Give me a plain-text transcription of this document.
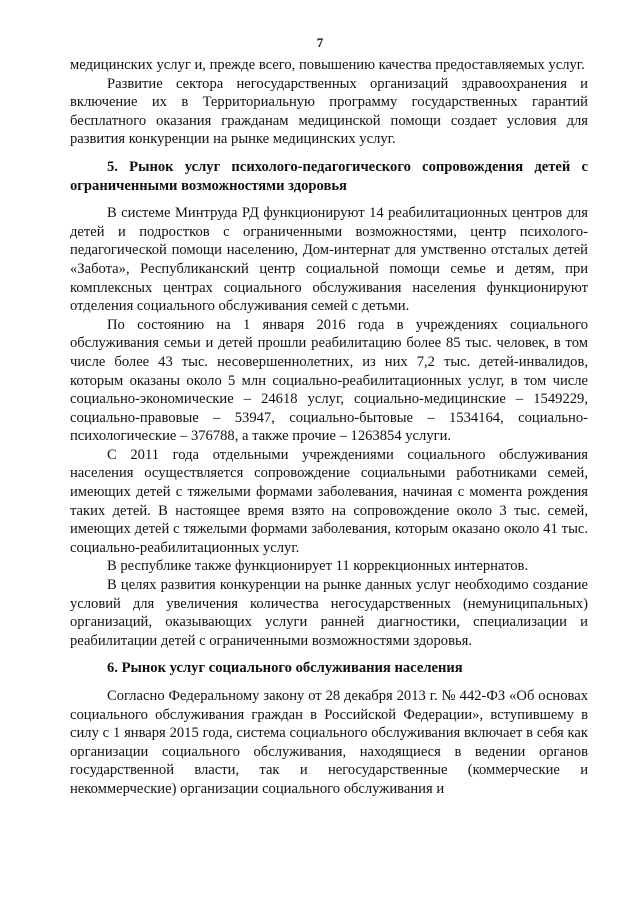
7

медицинских услуг и, прежде всего, повышению качества предоставляемых услуг.

Развитие сектора негосударственных организаций здравоохранения и включение их в Территориальную программу государственных гарантий бесплатного оказания гражданам медицинской помощи создает условия для развития конкуренции на рынке медицинских услуг.

5. Рынок услуг психолого-педагогического сопровождения детей с ограниченными возможностями здоровья

В системе Минтруда РД функционируют 14 реабилитационных центров для детей и подростков с ограниченными возможностями, центр психолого-педагогической помощи населению, Дом-интернат для умственно отсталых детей «Забота», Республиканский центр социальной помощи семье и детям, при комплексных центрах социального обслуживания населения функционируют отделения социального обслуживания семей с детьми.

По состоянию на 1 января 2016 года в учреждениях социального обслуживания семьи и детей прошли реабилитацию более 85 тыс. человек, в том числе более 43 тыс. несовершеннолетних, из них 7,2 тыс. детей-инвалидов, которым оказаны около 5 млн социально-реабилитационных услуг, в том числе социально-экономические – 24618 услуг, социально-медицинские – 1549229, социально-правовые – 53947, социально-бытовые – 1534164, социально-психологические – 376788, а также прочие – 1263854 услуги.

С 2011 года отдельными учреждениями социального обслуживания населения осуществляется сопровождение социальными работниками семей, имеющих детей с тяжелыми формами заболевания, начиная с момента рождения таких детей. В настоящее время взято на сопровождение около 3 тыс. семей, имеющих детей с тяжелыми формами заболевания, которым оказано около 41 тыс. социально-реабилитационных услуг.

В республике также функционирует 11 коррекционных интернатов.

В целях развития конкуренции на рынке данных услуг необходимо создание условий для увеличения количества негосударственных (немуниципальных) организаций, оказывающих услуги ранней диагностики, специализации и реабилитации детей с ограниченными возможностями здоровья.

6. Рынок услуг социального обслуживания населения

Согласно Федеральному закону от 28 декабря 2013 г. № 442-ФЗ «Об основах социального обслуживания граждан в Российской Федерации», вступившему в силу с 1 января 2015 года, система социального обслуживания включает в себя как организации социального обслуживания, находящиеся в ведении органов государственной власти, так и негосударственные (коммерческие и некоммерческие) организации социального обслуживания и
